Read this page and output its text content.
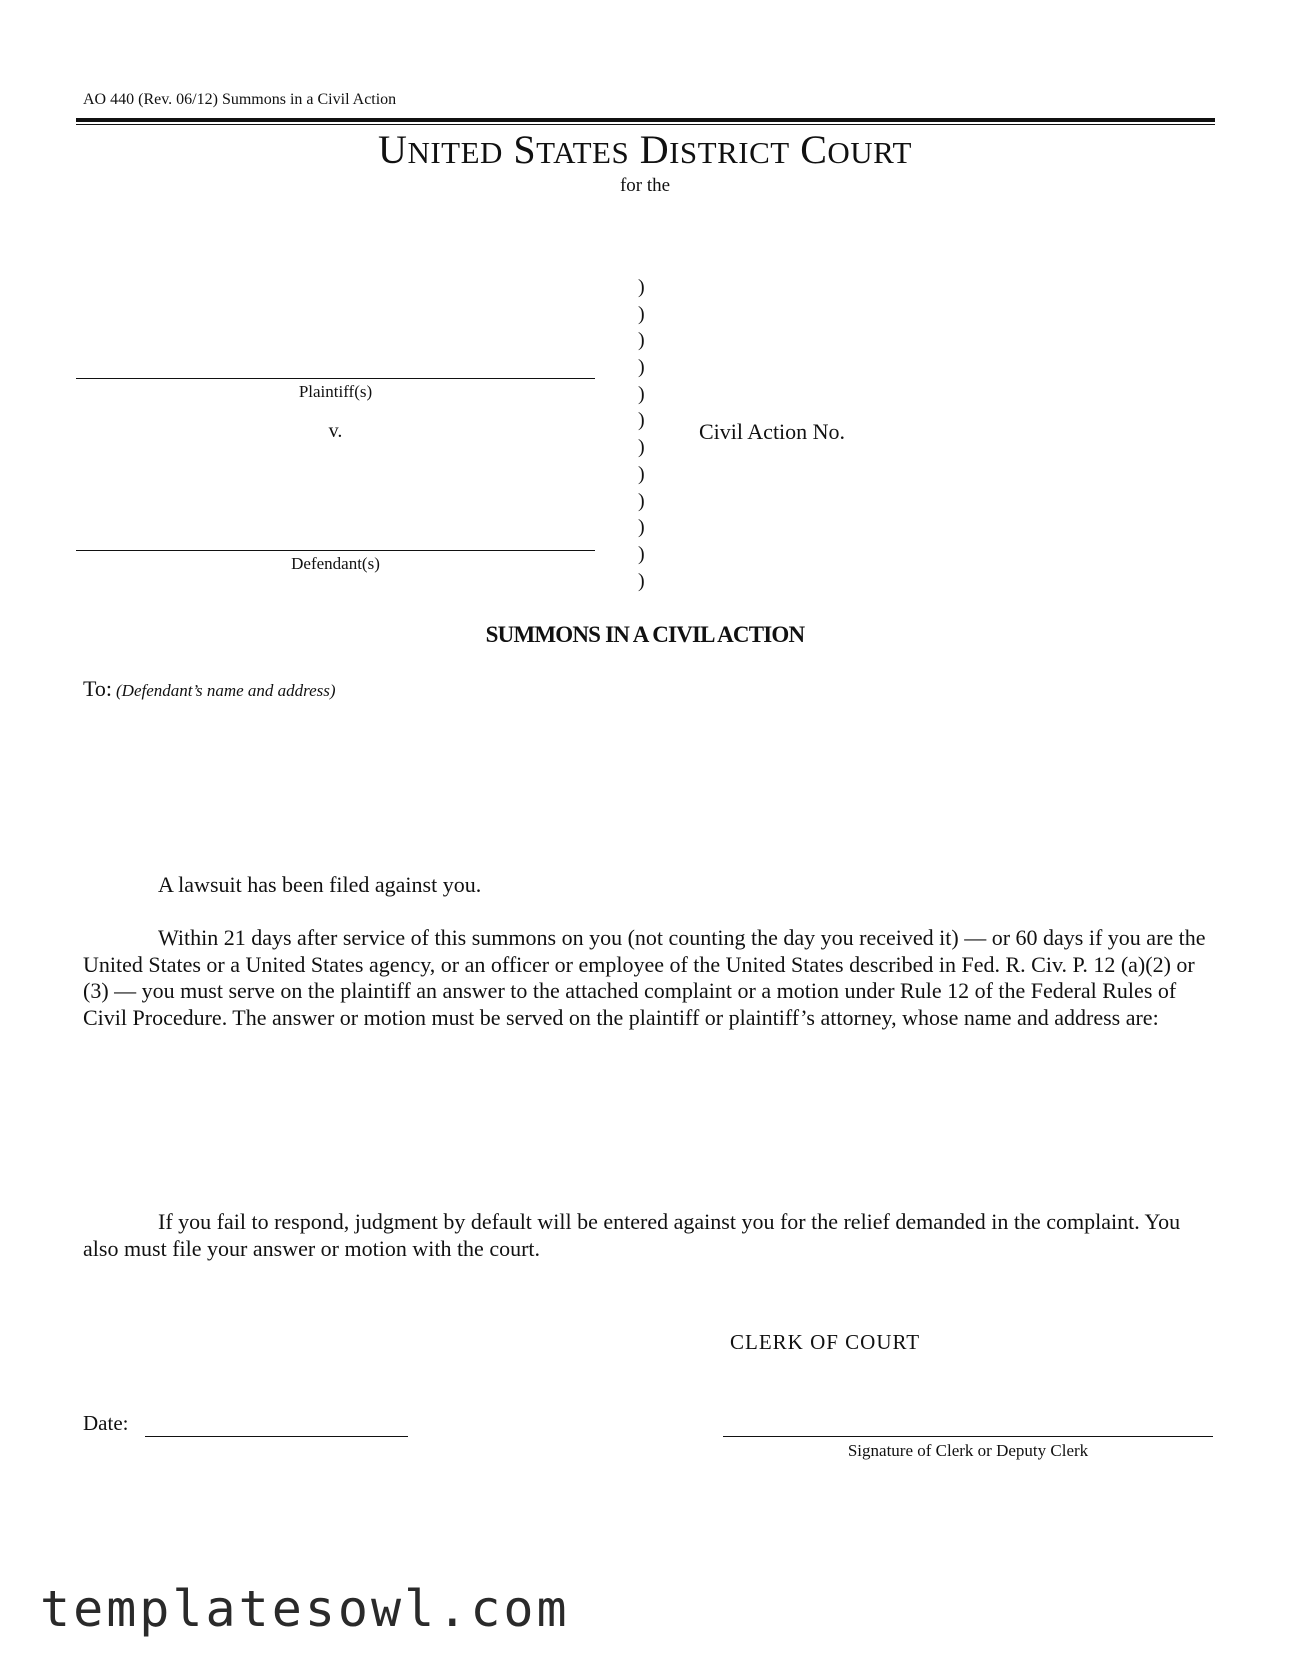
AO 440 (Rev. 06/12) Summons in a Civil Action
UNITED STATES DISTRICT COURT
for the
Plaintiff(s)
v.
Defendant(s)
)
)
)
)
)
)
)
)
)
)
)
)
Civil Action No.
SUMMONS IN A CIVIL ACTION
To: (Defendant’s name and address)
A lawsuit has been filed against you.
Within 21 days after service of this summons on you (not counting the day you received it) — or 60 days if you are the United States or a United States agency, or an officer or employee of the United States described in Fed. R. Civ. P. 12 (a)(2) or (3) — you must serve on the plaintiff an answer to the attached complaint or a motion under Rule 12 of the Federal Rules of Civil Procedure. The answer or motion must be served on the plaintiff or plaintiff’s attorney, whose name and address are:
If you fail to respond, judgment by default will be entered against you for the relief demanded in the complaint. You also must file your answer or motion with the court.
CLERK OF COURT
Date:
Signature of Clerk or Deputy Clerk
templatesowl.com
